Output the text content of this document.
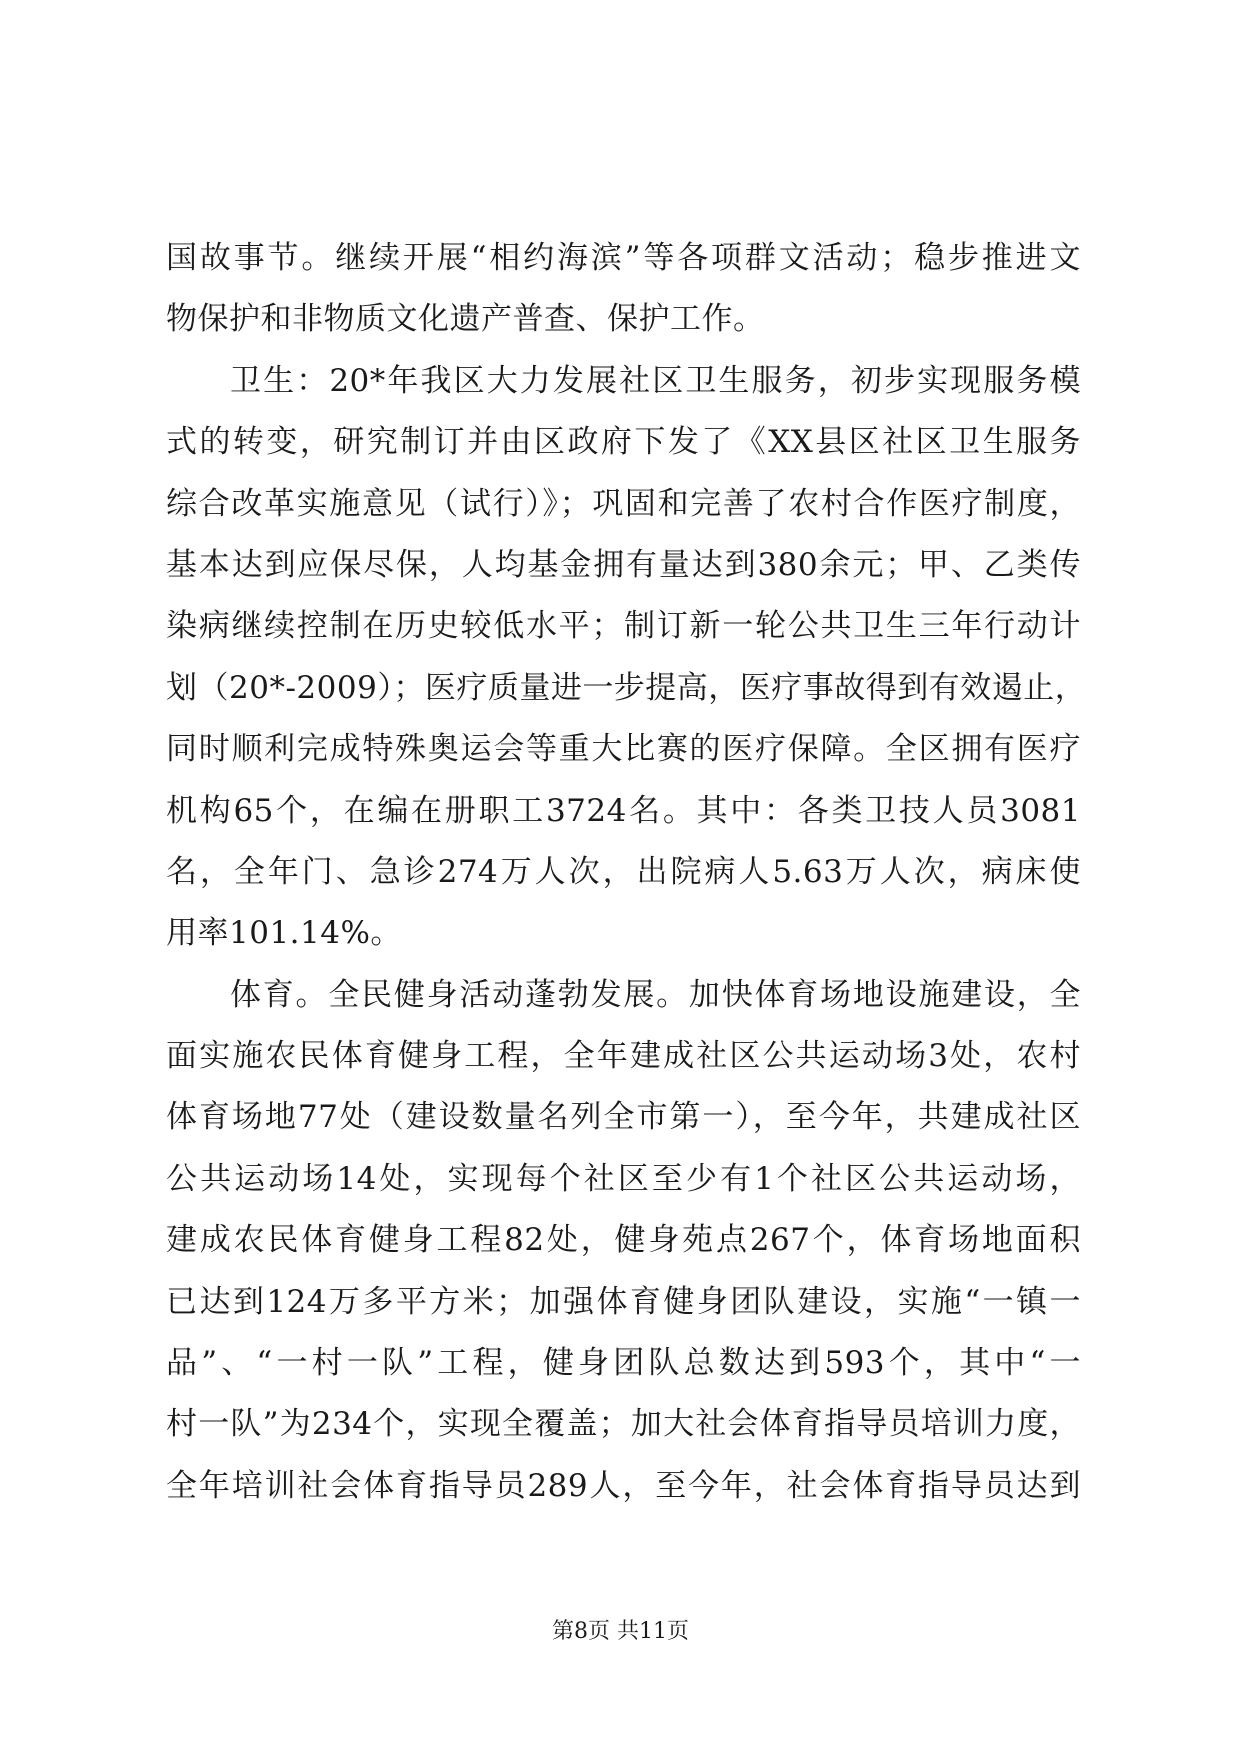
国故事节。继续开展“相约海滨”等各项群文活动；稳步推进文
物保护和非物质文化遗产普查、保护工作。
卫生：20*年我区大力发展社区卫生服务，初步实现服务模
式的转变，研究制订并由区政府下发了《XX县区社区卫生服务
综合改革实施意见（试行）》；巩固和完善了农村合作医疗制度，
基本达到应保尽保，人均基金拥有量达到380余元；甲、乙类传
染病继续控制在历史较低水平；制订新一轮公共卫生三年行动计
划（20*-2009）；医疗质量进一步提高，医疗事故得到有效遏止，
同时顺利完成特殊奥运会等重大比赛的医疗保障。全区拥有医疗
机构65个，在编在册职工3724名。其中：各类卫技人员3081
名，全年门、急诊274万人次，出院病人5.63万人次，病床使
用率101.14%。
体育。全民健身活动蓬勃发展。加快体育场地设施建设，全
面实施农民体育健身工程，全年建成社区公共运动场3处，农村
体育场地77处（建设数量名列全市第一），至今年，共建成社区
公共运动场14处，实现每个社区至少有1个社区公共运动场，
建成农民体育健身工程82处，健身苑点267个，体育场地面积
已达到124万多平方米；加强体育健身团队建设，实施“一镇一
品”、“一村一队”工程，健身团队总数达到593个，其中“一
村一队”为234个，实现全覆盖；加大社会体育指导员培训力度，
全年培训社会体育指导员289人，至今年，社会体育指导员达到
第8页 共11页
